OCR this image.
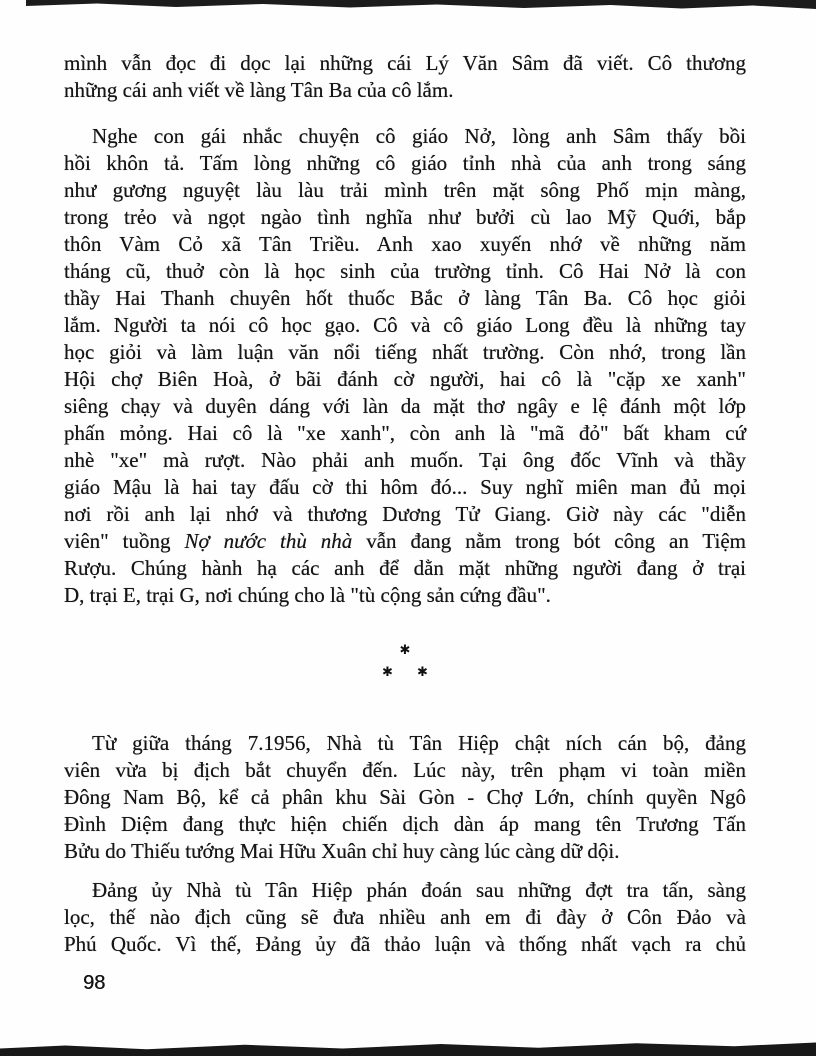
mình vẫn đọc đi dọc lại những cái Lý Văn Sâm đã viết. Cô thương
những cái anh viết về làng Tân Ba của cô lắm.
Nghe con gái nhắc chuyện cô giáo Nở, lòng anh Sâm thấy bồi
hồi khôn tả. Tấm lòng những cô giáo tỉnh nhà của anh trong sáng
như gương nguyệt làu làu trải mình trên mặt sông Phố mịn màng,
trong trẻo và ngọt ngào tình nghĩa như bưởi cù lao Mỹ Quới, bắp
thôn Vàm Cỏ xã Tân Triều. Anh xao xuyến nhớ về những năm
tháng cũ, thuở còn là học sinh của trường tỉnh. Cô Hai Nở là con
thầy Hai Thanh chuyên hốt thuốc Bắc ở làng Tân Ba. Cô học giỏi
lắm. Người ta nói cô học gạo. Cô và cô giáo Long đều là những tay
học giỏi và làm luận văn nổi tiếng nhất trường. Còn nhớ, trong lần
Hội chợ Biên Hoà, ở bãi đánh cờ người, hai cô là "cặp xe xanh"
siêng chạy và duyên dáng với làn da mặt thơ ngây e lệ đánh một lớp
phấn mỏng. Hai cô là "xe xanh", còn anh là "mã đỏ" bất kham cứ
nhè "xe" mà rượt. Nào phải anh muốn. Tại ông đốc Vĩnh và thầy
giáo Mậu là hai tay đấu cờ thi hôm đó... Suy nghĩ miên man đủ mọi
nơi rồi anh lại nhớ và thương Dương Tử Giang. Giờ này các "diễn
viên" tuồng Nợ nước thù nhà vẫn đang nằm trong bót công an Tiệm
Rượu. Chúng hành hạ các anh để dằn mặt những người đang ở trại
D, trại E, trại G, nơi chúng cho là "tù cộng sản cứng đầu".
✱
✱ ✱
Từ giữa tháng 7.1956, Nhà tù Tân Hiệp chật ních cán bộ, đảng
viên vừa bị địch bắt chuyển đến. Lúc này, trên phạm vi toàn miền
Đông Nam Bộ, kể cả phân khu Sài Gòn - Chợ Lớn, chính quyền Ngô
Đình Diệm đang thực hiện chiến dịch dàn áp mang tên Trương Tấn
Bửu do Thiếu tướng Mai Hữu Xuân chỉ huy càng lúc càng dữ dội.
Đảng ủy Nhà tù Tân Hiệp phán đoán sau những đợt tra tấn, sàng
lọc, thế nào địch cũng sẽ đưa nhiều anh em đi đày ở Côn Đảo và
Phú Quốc. Vì thế, Đảng ủy đã thảo luận và thống nhất vạch ra chủ
98
